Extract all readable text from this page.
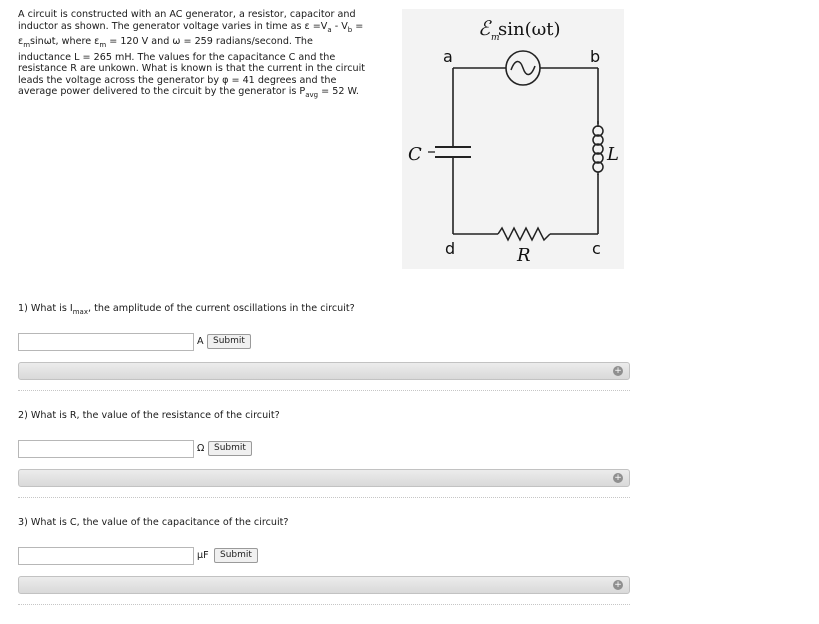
A circuit is constructed with an AC generator, a resistor, capacitor and
inductor as shown. The generator voltage varies in time as $\varepsilon =V_a - V_b$ =
$\varepsilon_m\sin\omega t$, where $\varepsilon_m = 120$ V and ω = 259 radians/second. The
inductance L = 265 mH. The values for the capacitance C and the
resistance R are unkown. What is known is that the current in the circuit
leads the voltage across the generator by φ = 41 degrees and the
average power delivered to the circuit by the generator is $P_{avg} = 52$ W.
ℰ m
sin(ωt)
a	b
c
d
C	L
R
1) What is $I_{max}$, the amplitude of the current oscillations in the circuit?
A	Submit
+
2) What is R, the value of the resistance of the circuit?
Ω	Submit
+
3) What is C, the value of the capacitance of the circuit?
μF	Submit
+
